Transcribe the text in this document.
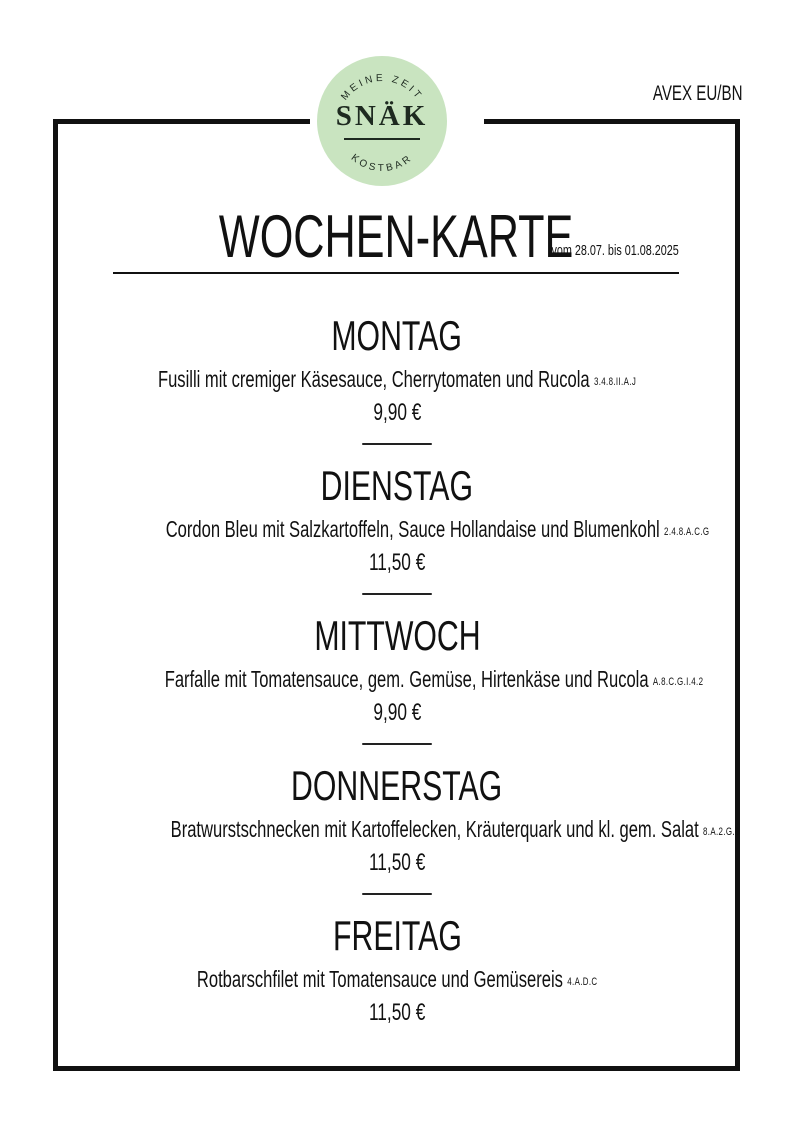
MEINE ZEIT
KOSTBAR
SNÄK
AVEX EU/BN
WOCHEN-KARTE
vom 28.07. bis 01.08.2025
MONTAG
Fusilli mit cremiger Käsesauce, Cherrytomaten und Rucola 3.4.8.II.A.J
9,90 €
DIENSTAG
Cordon Bleu mit Salzkartoffeln, Sauce Hollandaise und Blumenkohl 2.4.8.A.C.G
11,50 €
MITTWOCH
Farfalle mit Tomatensauce, gem. Gemüse, Hirtenkäse und Rucola A.8.C.G.I.4.2
9,90 €
DONNERSTAG
Bratwurstschnecken mit Kartoffelecken, Kräuterquark und kl. gem. Salat 8.A.2.G.3
11,50 €
FREITAG
Rotbarschfilet mit Tomatensauce und Gemüsereis 4.A.D.C
11,50 €
